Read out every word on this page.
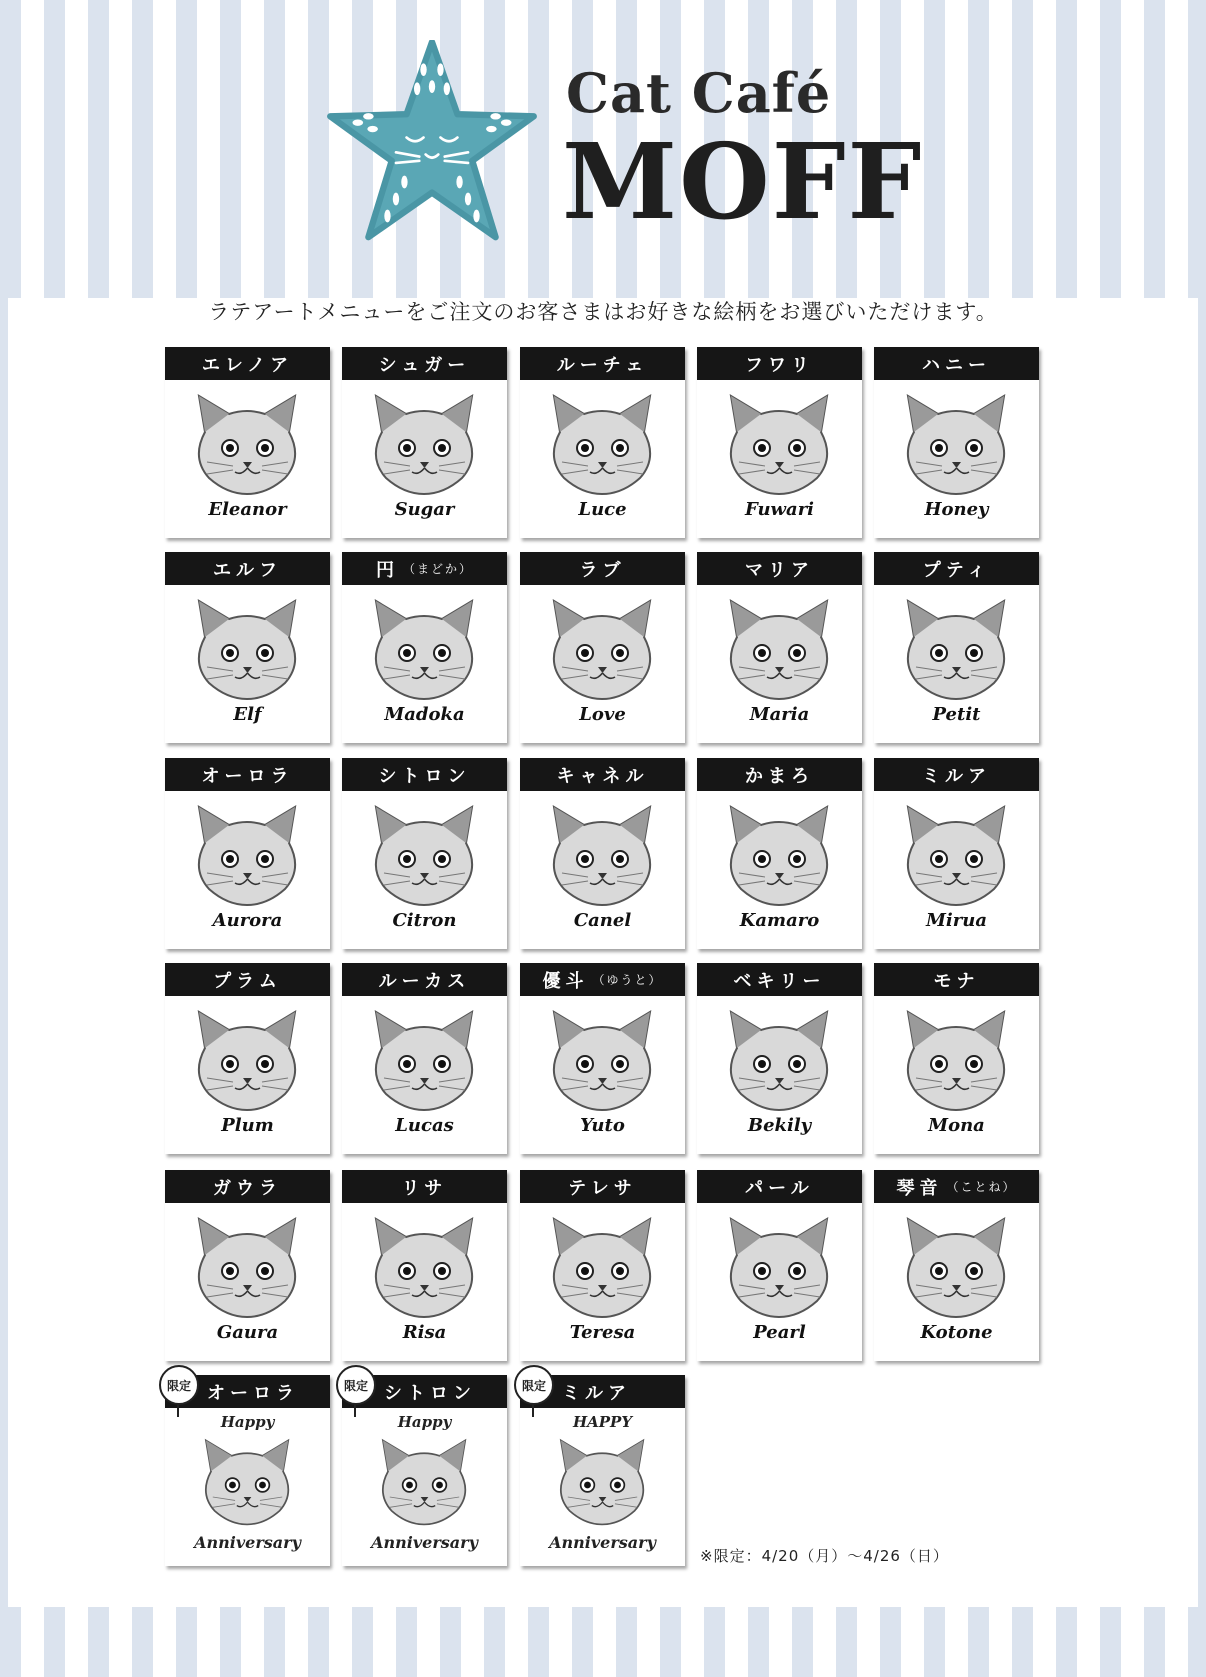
Cat Café
MOFF

ラテアートメニューをご注文のお客さまはお好きな絵柄をお選びいただけます。

エレノア
Eleanor
シュガー
Sugar
ルーチェ
Luce
フワリ
Fuwari
ハニー
Honey
エルフ
Elf
円 （まどか）
Madoka
ラブ
Love
マリア
Maria
プティ
Petit
オーロラ
Aurora
シトロン
Citron
キャネル
Canel
かまろ
Kamaro
ミルア
Mirua
プラム
Plum
ルーカス
Lucas
優斗 （ゆうと）
Yuto
ベキリー
Bekily
モナ
Mona
ガウラ
Gaura
リサ
Risa
テレサ
Teresa
パール
Pearl
琴音 （ことね）
Kotone
オーロラ
限定
Happy
Anniversary
シトロン
限定
Happy
Anniversary
ミルア
限定
HAPPY
Anniversary

※限定：4/20（月）～4/26（日）
